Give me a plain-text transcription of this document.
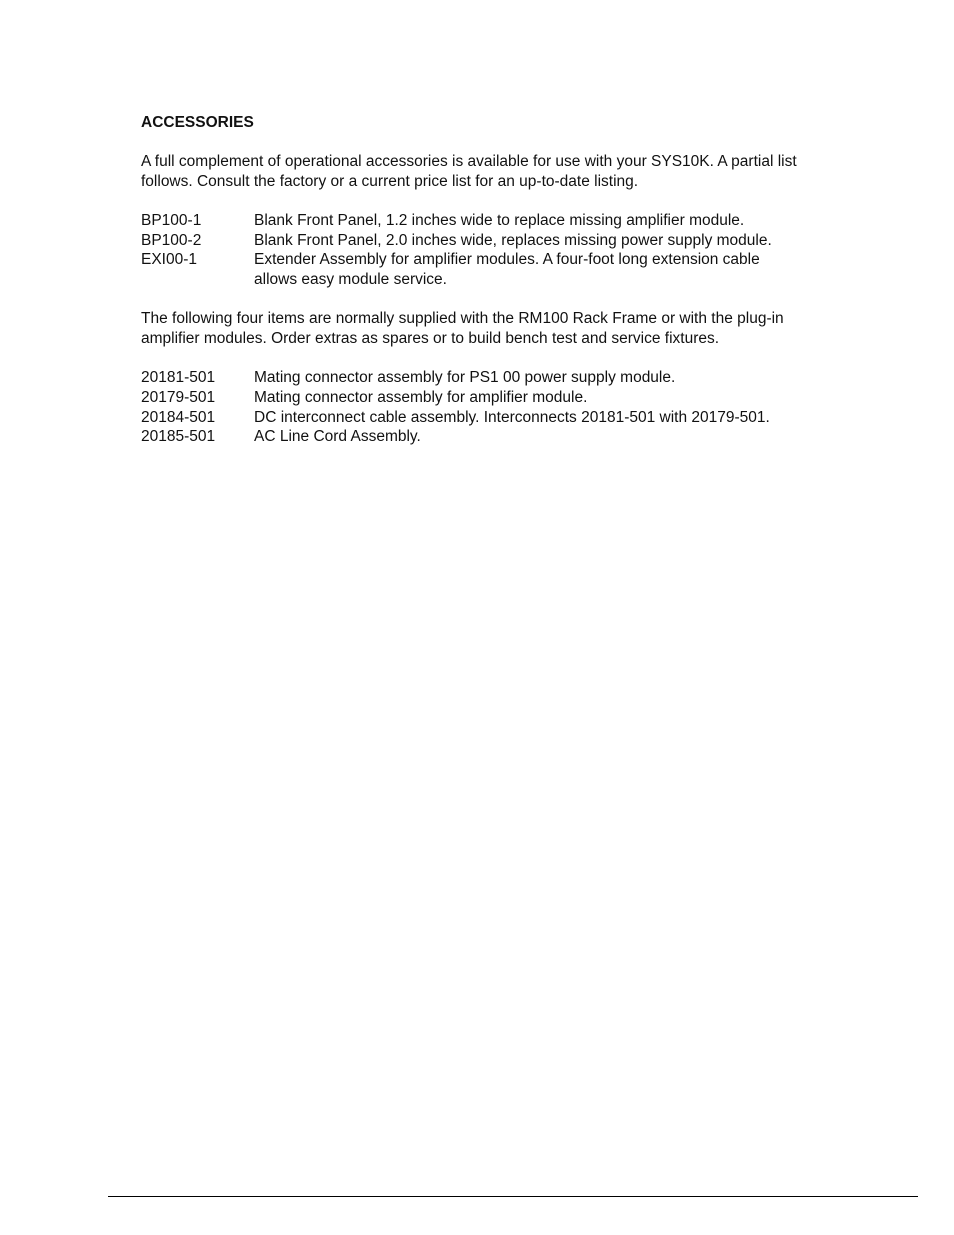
ACCESSORIES
A full complement of operational accessories is available for use with your SYS10K. A partial list follows. Consult the factory or a current price list for an up-to-date listing.
BP100-1	Blank Front Panel, 1.2 inches wide to replace missing amplifier module.
BP100-2	Blank Front Panel, 2.0 inches wide, replaces missing power supply module.
EXI00-1	Extender Assembly for amplifier modules. A four-foot long extension cable allows easy module service.
The following four items are normally supplied with the RM100 Rack Frame or with the plug-in amplifier modules. Order extras as spares or to build bench test and service fixtures.
20181-501	Mating connector assembly for PS1 00 power supply module.
20179-501	Mating connector assembly for amplifier module.
20184-501	DC interconnect cable assembly. Interconnects 20181-501 with 20179-501.
20185-501	AC Line Cord Assembly.
